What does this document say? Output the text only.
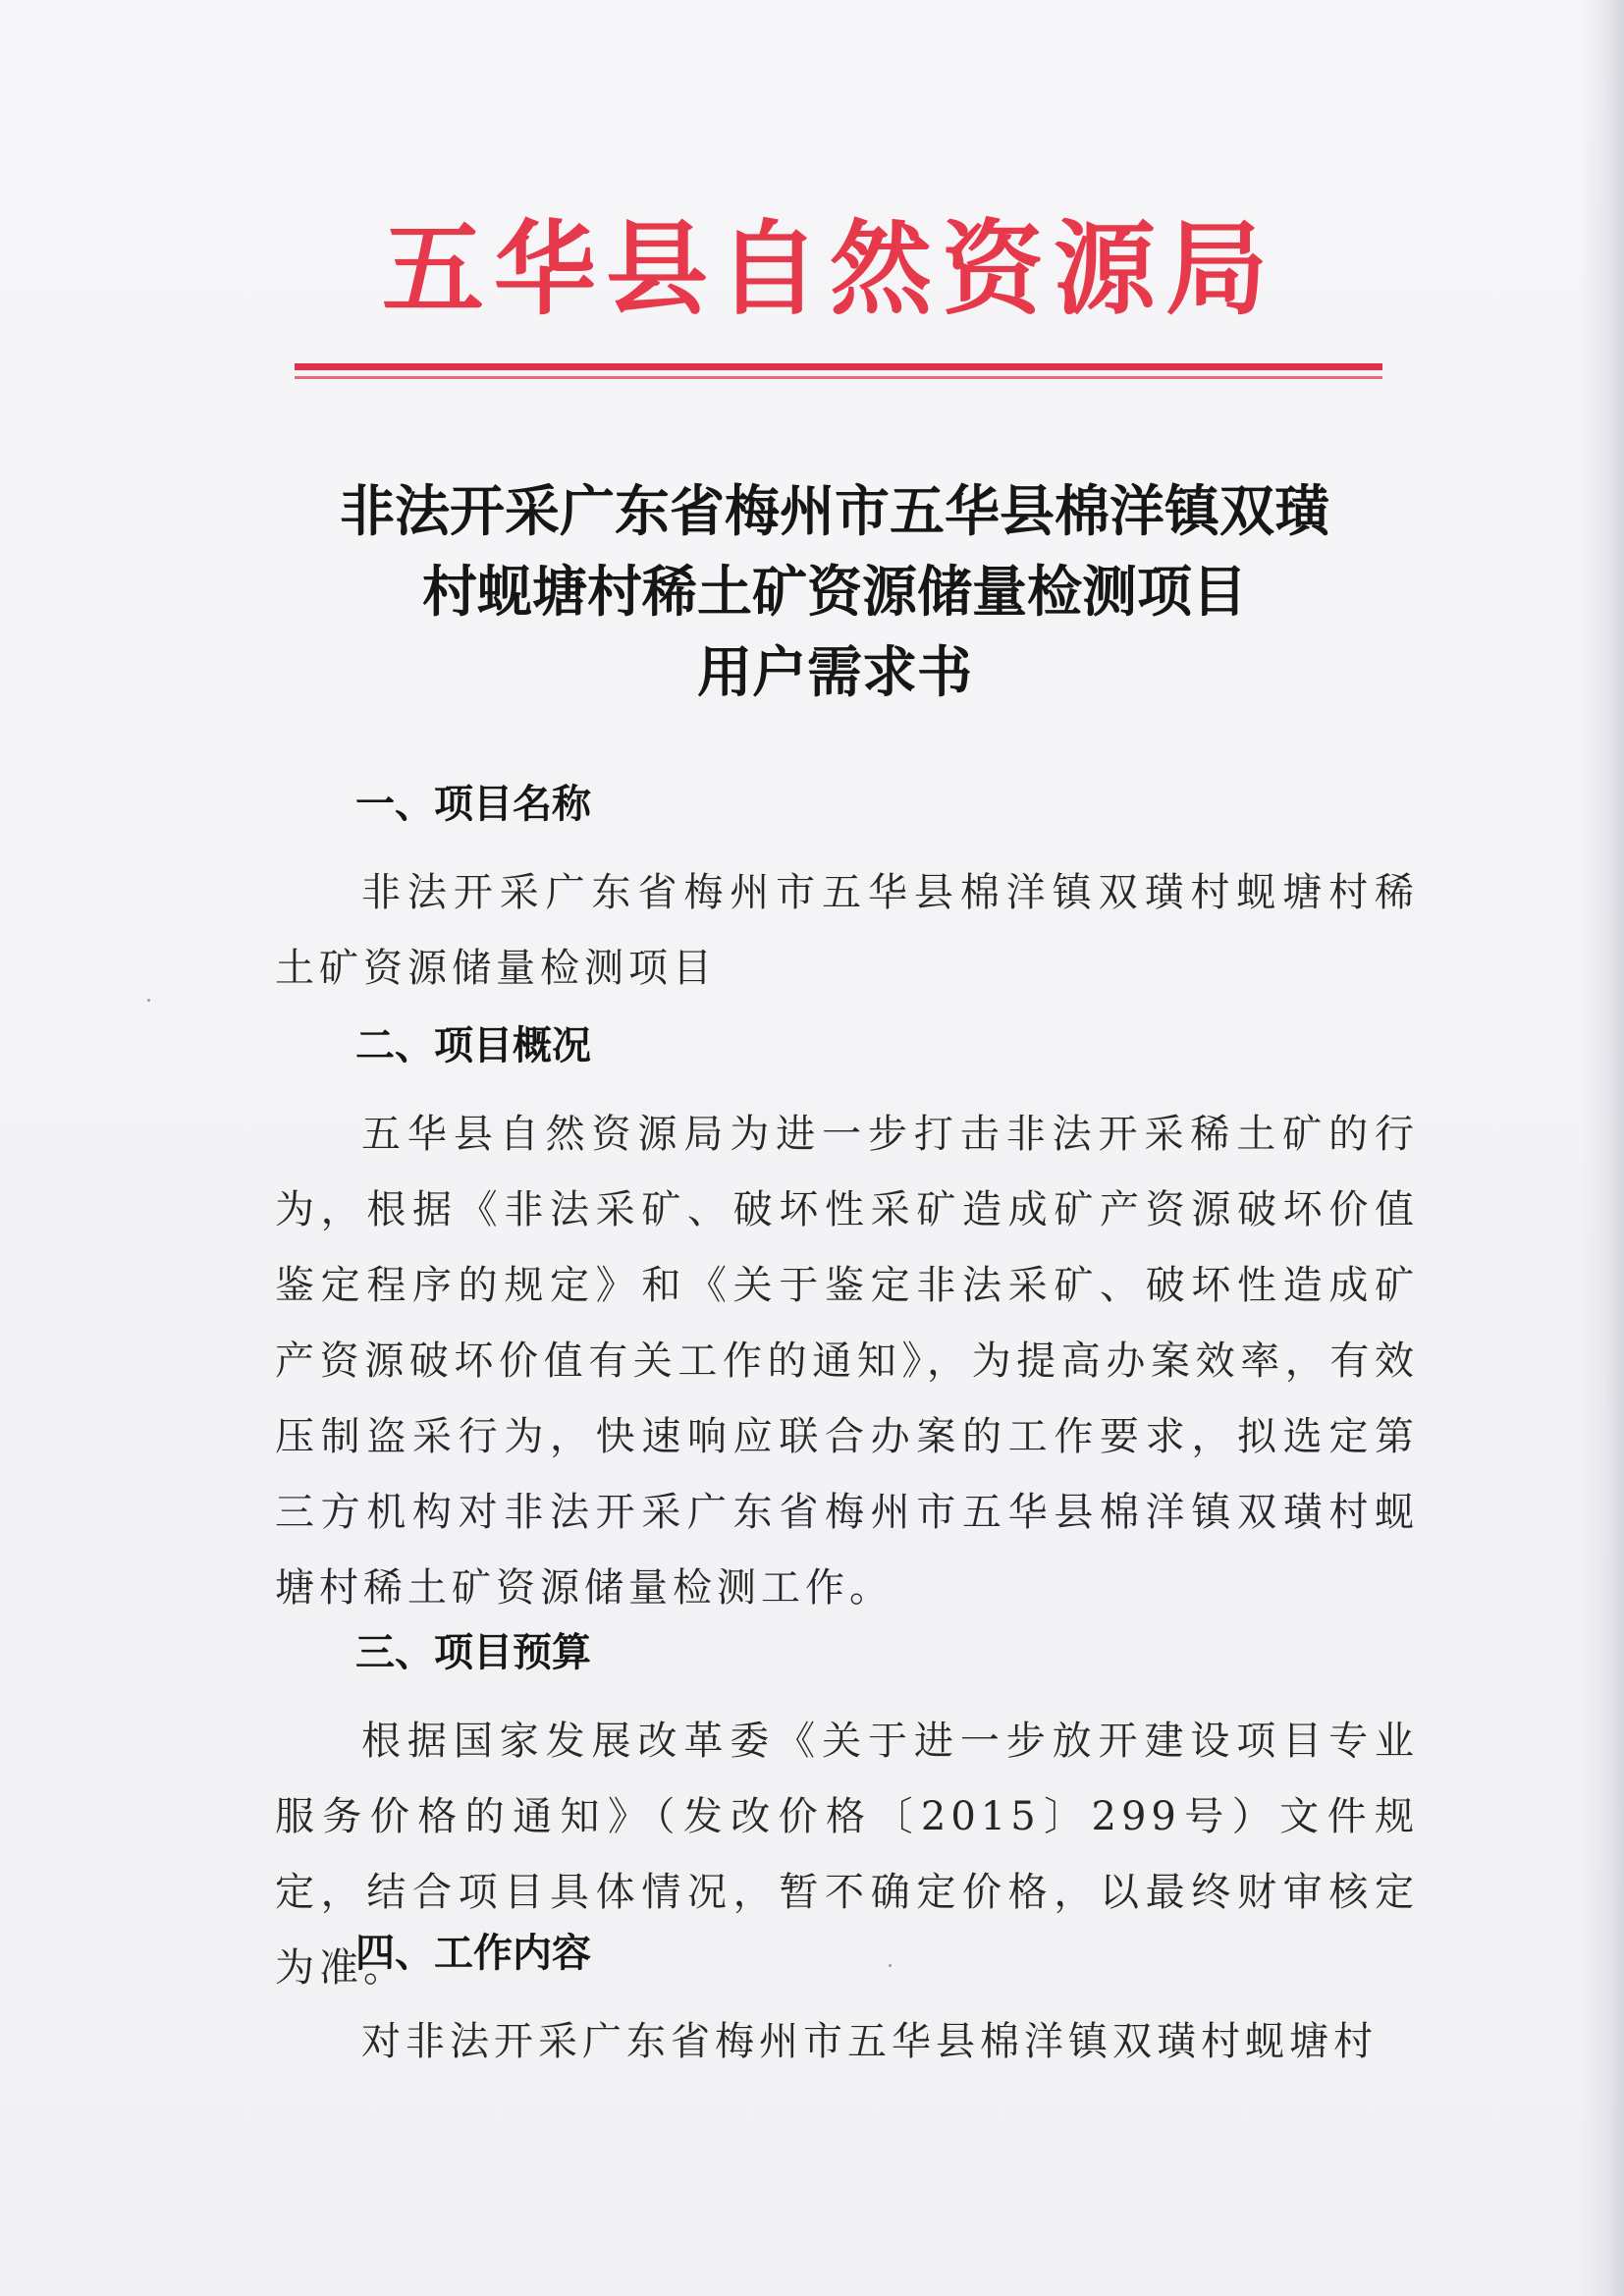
五华县自然资源局
非法开采广东省梅州市五华县棉洋镇双璜
村蚬塘村稀土矿资源储量检测项目
用户需求书
一、项目名称
非法开采广东省梅州市五华县棉洋镇双璜村蚬塘村稀土矿资源储量检测项目
二、项目概况
五华县自然资源局为进一步打击非法开采稀土矿的行为，根据《非法采矿、破坏性采矿造成矿产资源破坏价值鉴定程序的规定》和《关于鉴定非法采矿、破坏性造成矿产资源破坏价值有关工作的通知》，为提高办案效率，有效压制盗采行为，快速响应联合办案的工作要求，拟选定第三方机构对非法开采广东省梅州市五华县棉洋镇双璜村蚬塘村稀土矿资源储量检测工作。
三、项目预算
根据国家发展改革委《关于进一步放开建设项目专业服务价格的通知》（发改价格〔2015〕299号）文件规定，结合项目具体情况，暂不确定价格，以最终财审核定为准。
四、工作内容
对非法开采广东省梅州市五华县棉洋镇双璜村蚬塘村
